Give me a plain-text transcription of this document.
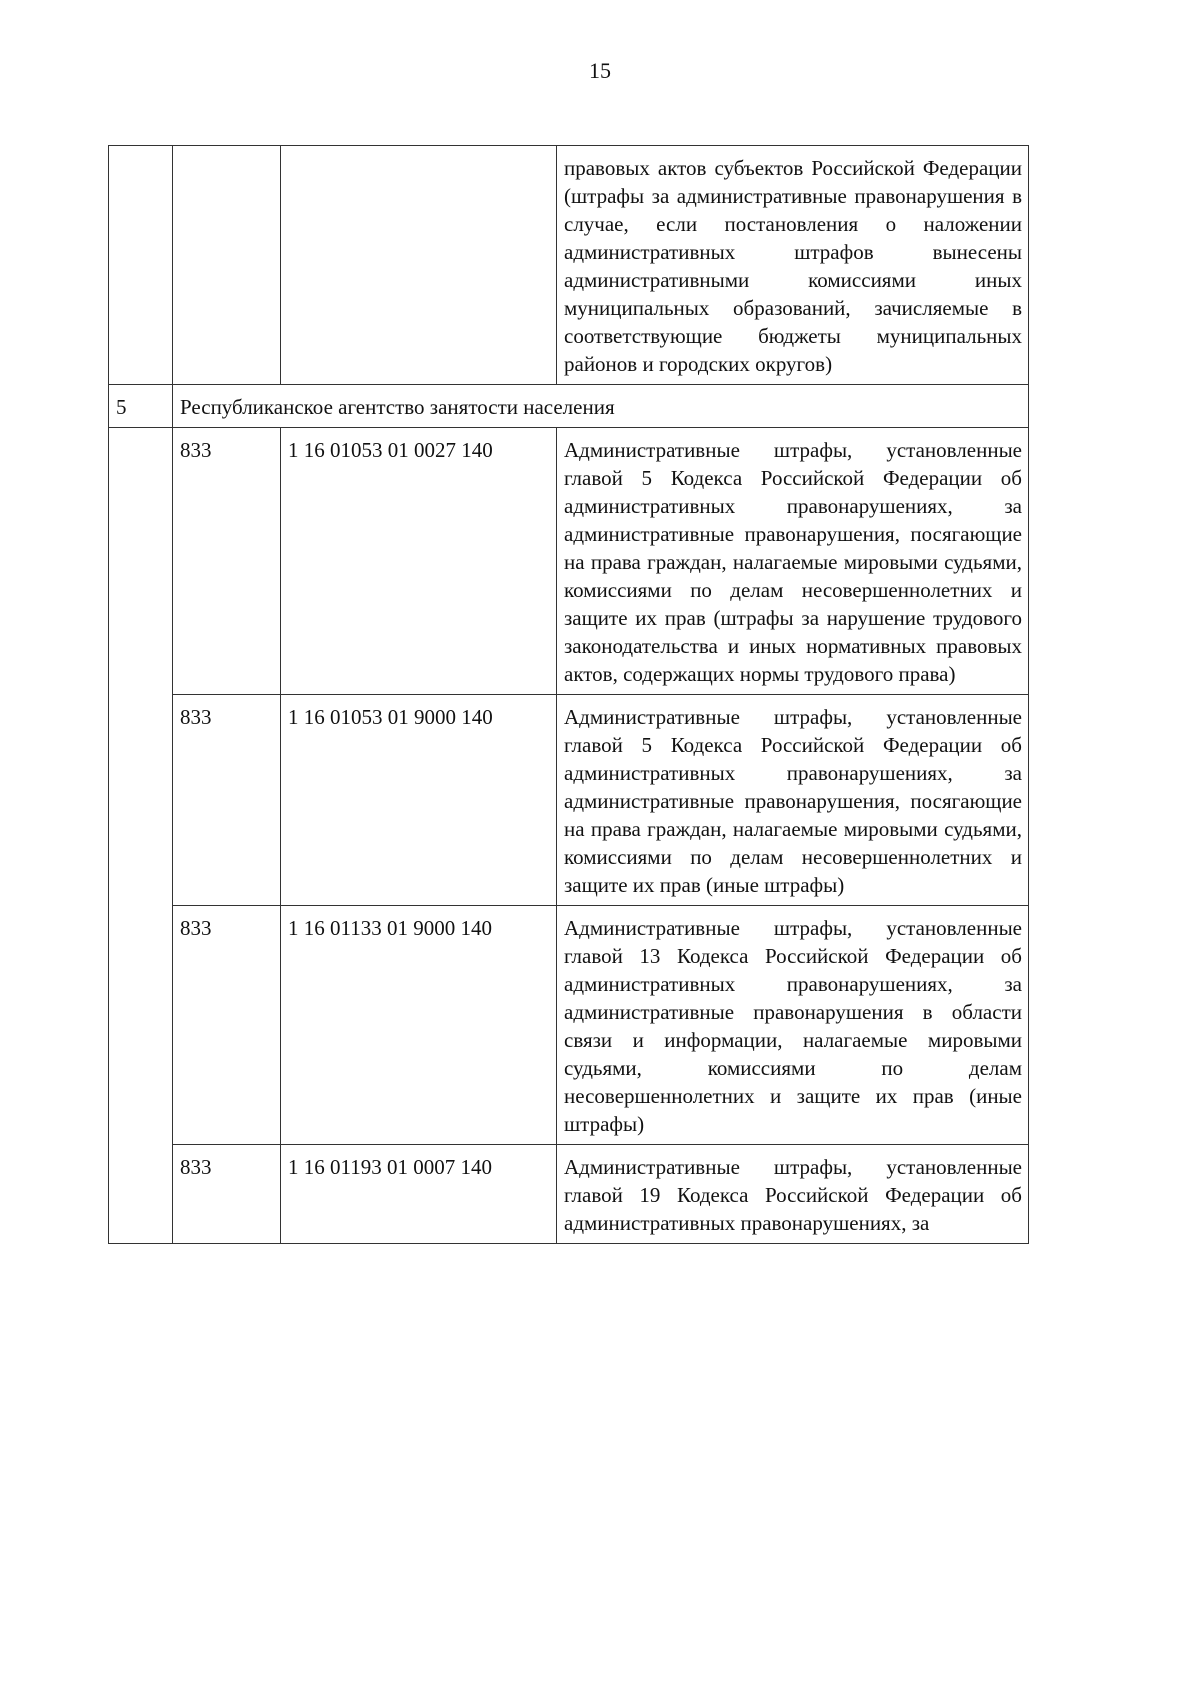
15
			правовых актов субъектов Российской Федерации (штрафы за административные правонарушения в случае, если постановления о наложении административных штрафов вынесены административными комиссиями иных муниципальных образований, зачисляемые в соответствующие бюджеты муниципальных районов и городских округов)
5	Республиканское агентство занятости населения		
	833	1 16 01053 01 0027 140	Административные штрафы, установленные главой 5 Кодекса Российской Федерации об административных правонарушениях, за административные правонарушения, посягающие на права граждан, налагаемые мировыми судьями, комиссиями по делам несовершеннолетних и защите их прав (штрафы за нарушение трудового законодательства и иных нормативных правовых актов, содержащих нормы трудового права)
	833	1 16 01053 01 9000 140	Административные штрафы, установленные главой 5 Кодекса Российской Федерации об административных правонарушениях, за административные правонарушения, посягающие на права граждан, налагаемые мировыми судьями, комиссиями по делам несовершеннолетних и защите их прав (иные штрафы)
	833	1 16 01133 01 9000 140	Административные штрафы, установленные главой 13 Кодекса Российской Федерации об административных правонарушениях, за административные правонарушения в области связи и информации, налагаемые мировыми судьями, комиссиями по делам несовершеннолетних и защите их прав (иные штрафы)
	833	1 16 01193 01 0007 140	Административные штрафы, установленные главой 19 Кодекса Российской Федерации об административных правонарушениях, за
